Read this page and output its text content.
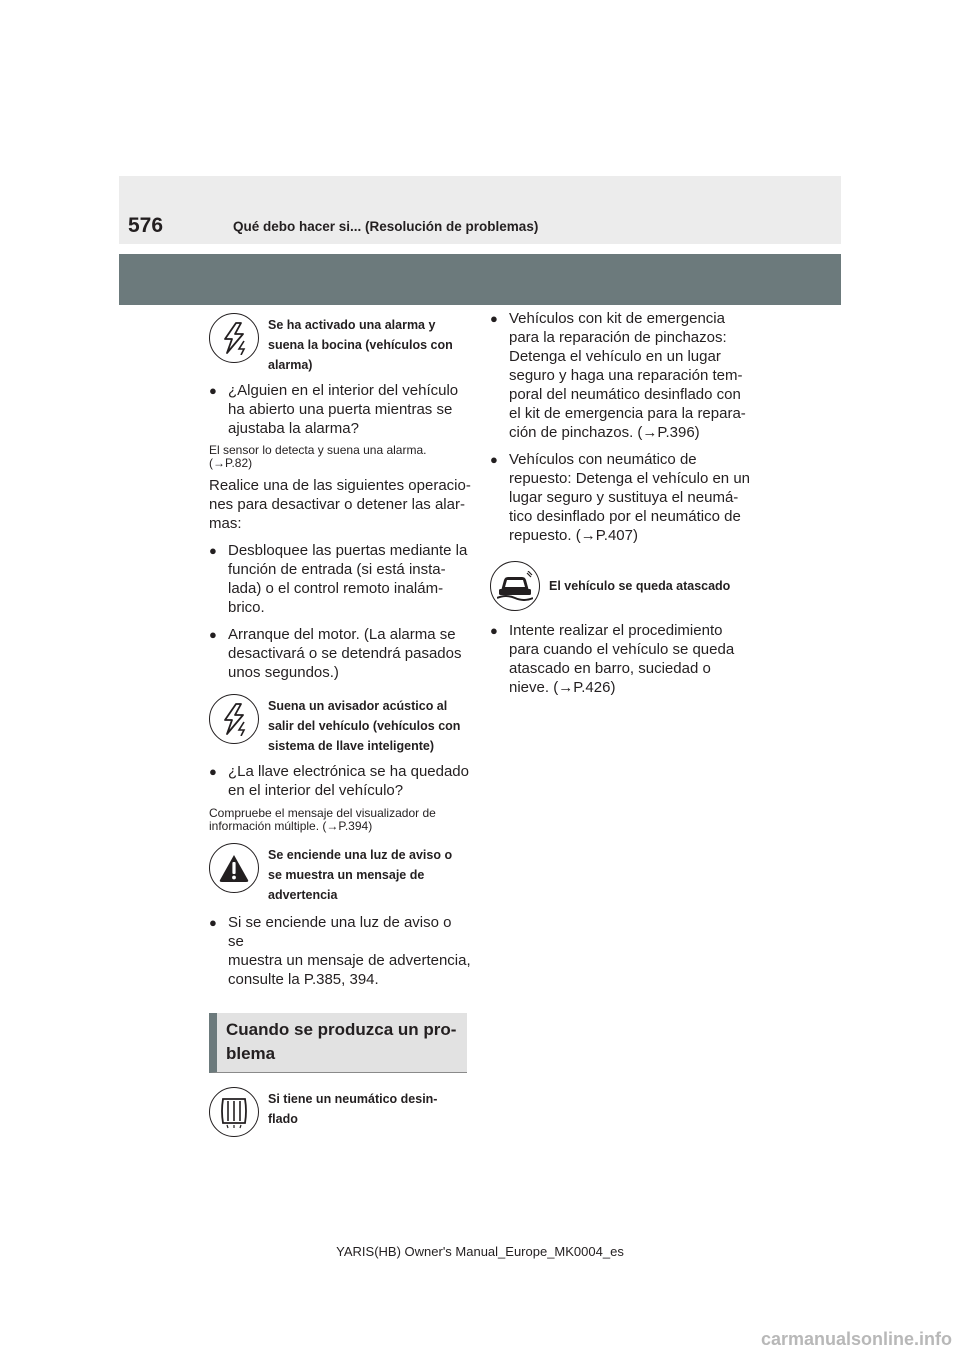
576	Qué debo hacer si... (Resolución de problemas)
Se ha activado una alarma y
suena la bocina (vehículos con
alarma)
● ¿Alguien en el interior del vehículo
ha abierto una puerta mientras se
ajustaba la alarma?
El sensor lo detecta y suena una alarma.
(→P.82)
Realice una de las siguientes operacio-
nes para desactivar o detener las alar-
mas:
● Desbloquee las puertas mediante la
función de entrada (si está insta-
lada) o el control remoto inalám-
brico.
● Arranque del motor. (La alarma se
desactivará o se detendrá pasados
unos segundos.)
Suena un avisador acústico al
salir del vehículo (vehículos con
sistema de llave inteligente)
● ¿La llave electrónica se ha quedado
en el interior del vehículo?
Compruebe el mensaje del visualizador de
información múltiple. (→P.394)
Se enciende una luz de aviso o
se muestra un mensaje de
advertencia
● Si se enciende una luz de aviso o se
muestra un mensaje de advertencia,
consulte la P.385, 394.
Cuando se produzca un pro-
blema
Si tiene un neumático desin-
flado
● Vehículos con kit de emergencia
para la reparación de pinchazos:
Detenga el vehículo en un lugar
seguro y haga una reparación tem-
poral del neumático desinflado con
el kit de emergencia para la repara-
ción de pinchazos. (→P.396)
● Vehículos con neumático de
repuesto: Detenga el vehículo en un
lugar seguro y sustituya el neumá-
tico desinflado por el neumático de
repuesto. (→P.407)
El vehículo se queda atascado
● Intente realizar el procedimiento
para cuando el vehículo se queda
atascado en barro, suciedad o
nieve. (→P.426)
YARIS(HB) Owner's Manual_Europe_MK0004_es
carmanualsonline.info
